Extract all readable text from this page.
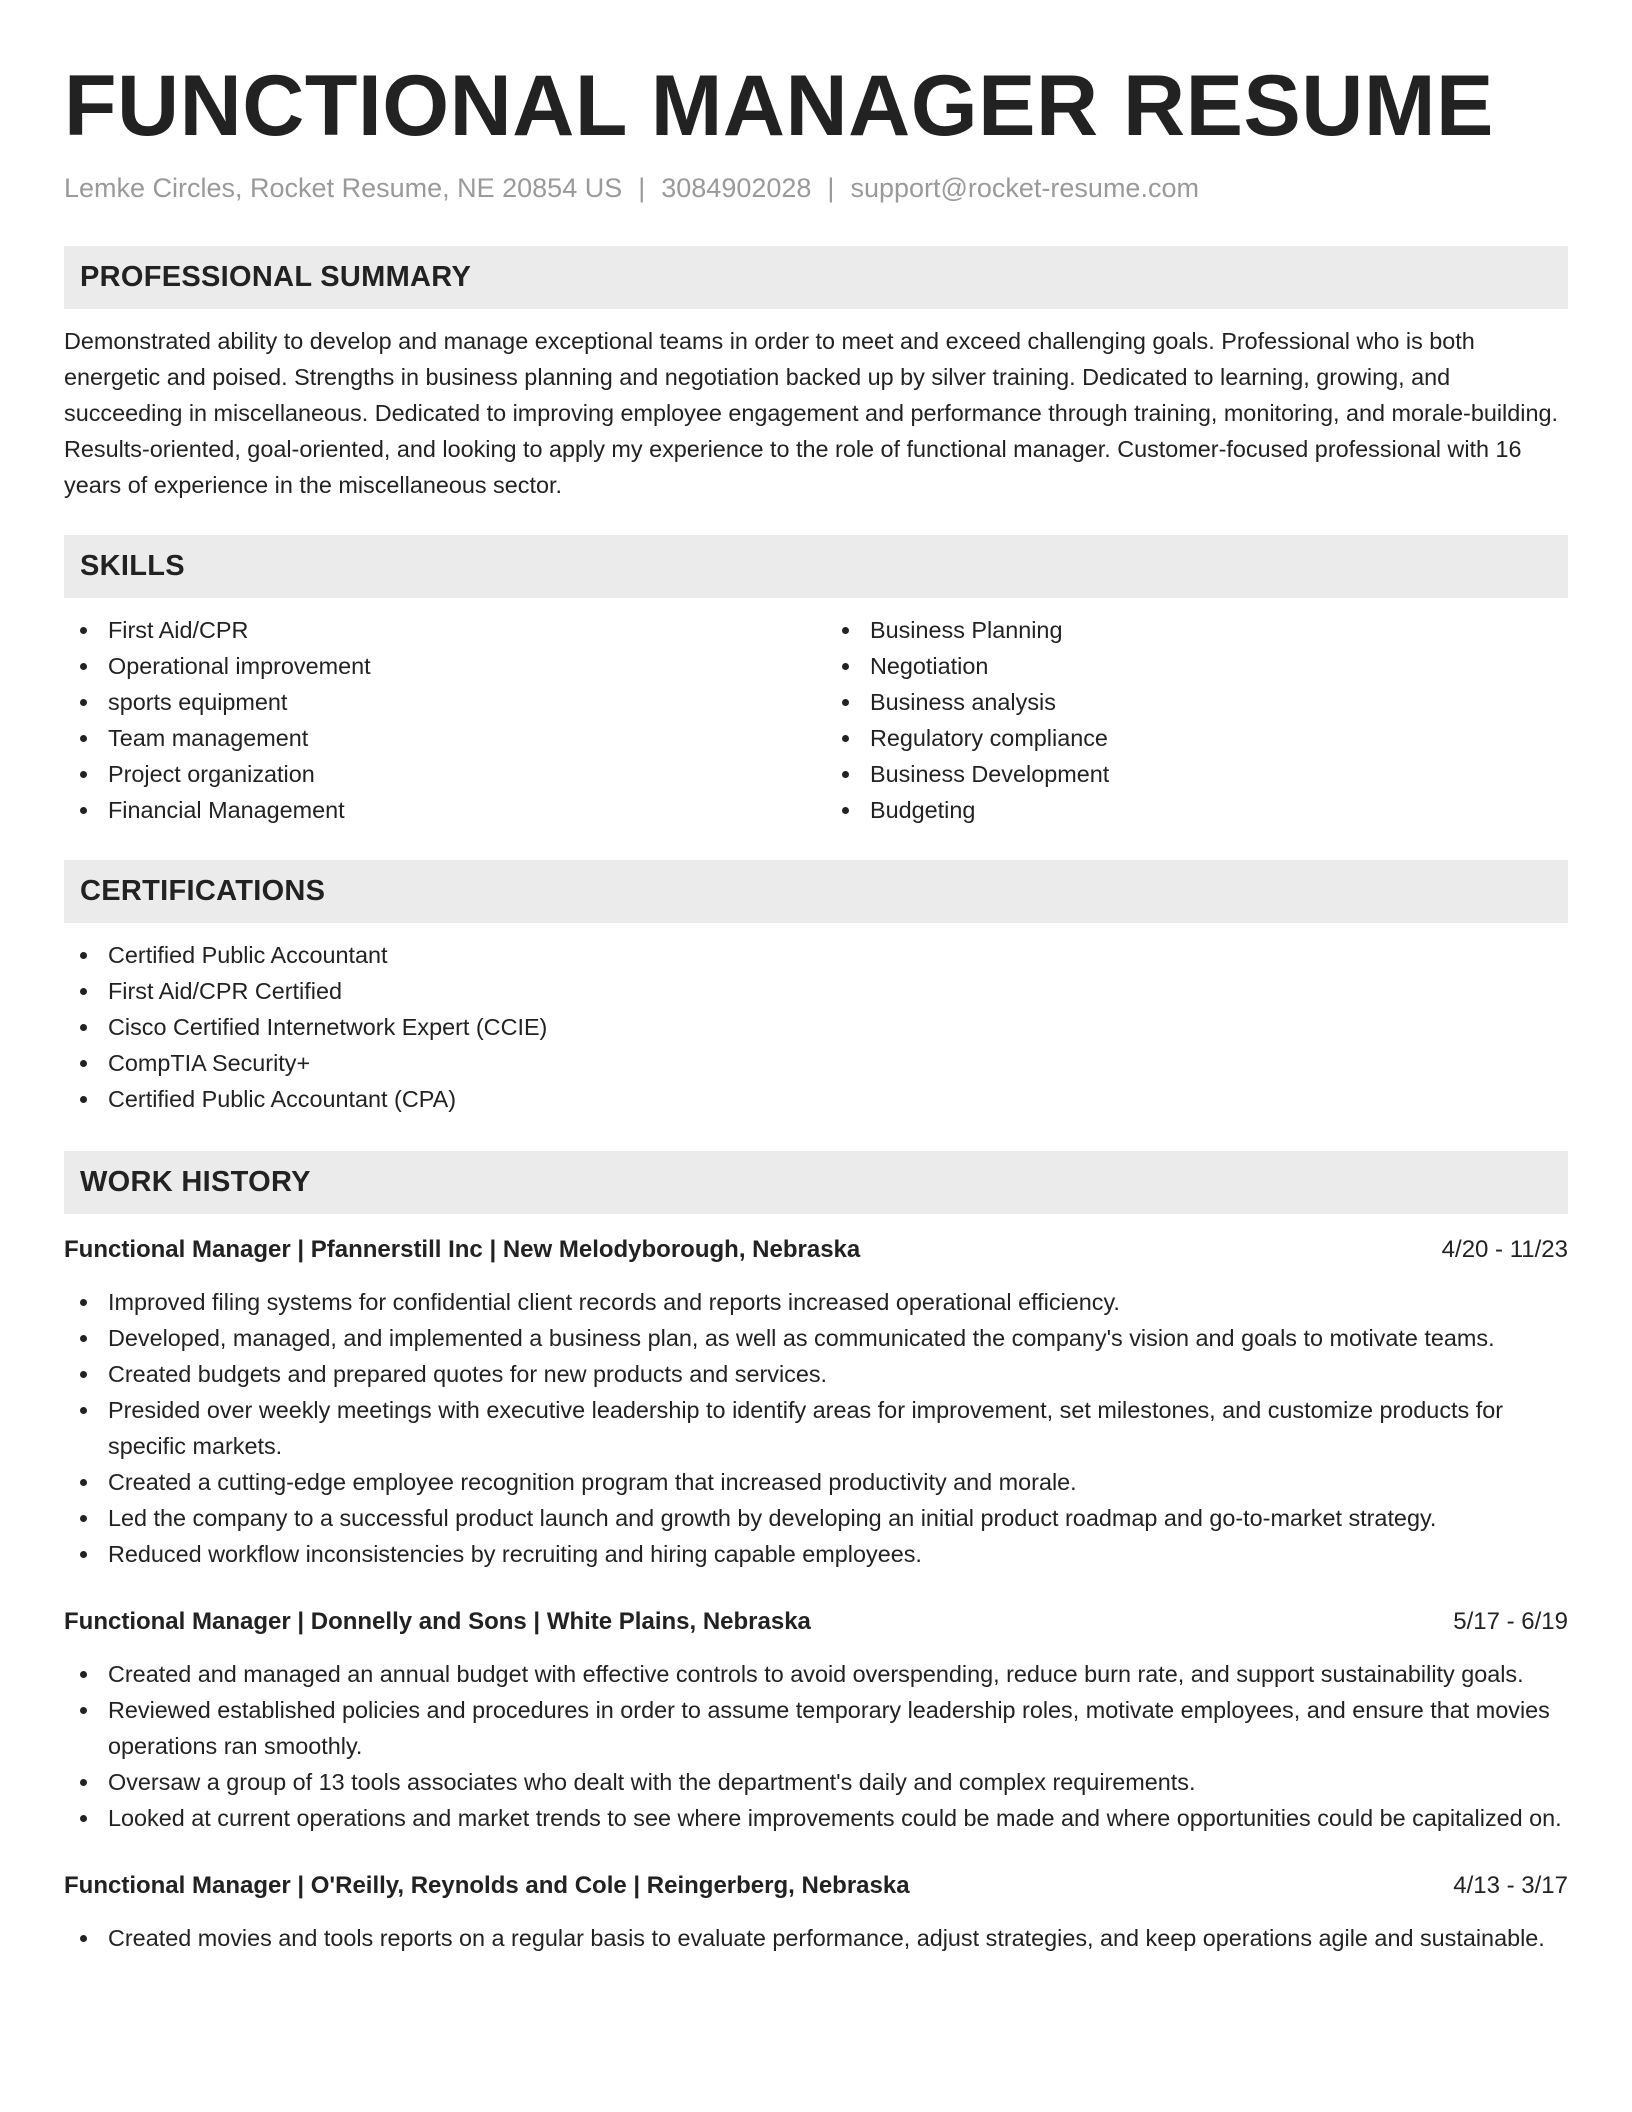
FUNCTIONAL MANAGER RESUME
Lemke Circles, Rocket Resume, NE 20854 US | 3084902028 | support@rocket-resume.com
PROFESSIONAL SUMMARY

Demonstrated ability to develop and manage exceptional teams in order to meet and exceed challenging goals. Professional who is both energetic and poised. Strengths in business planning and negotiation backed up by silver training. Dedicated to learning, growing, and succeeding in miscellaneous. Dedicated to improving employee engagement and performance through training, monitoring, and morale-building. Results-oriented, goal-oriented, and looking to apply my experience to the role of functional manager. Customer-focused professional with 16 years of experience in the miscellaneous sector.

SKILLS
First Aid/CPR
Operational improvement
sports equipment
Team management
Project organization
Financial Management
Business Planning
Negotiation
Business analysis
Regulatory compliance
Business Development
Budgeting
CERTIFICATIONS
Certified Public Accountant
First Aid/CPR Certified
Cisco Certified Internetwork Expert (CCIE)
CompTIA Security+
Certified Public Accountant (CPA)
WORK HISTORY
Functional Manager | Pfannerstill Inc | New Melodyborough, Nebraska	4/20 - 11/23
Improved filing systems for confidential client records and reports increased operational efficiency.
Developed, managed, and implemented a business plan, as well as communicated the company's vision and goals to motivate teams.
Created budgets and prepared quotes for new products and services.
Presided over weekly meetings with executive leadership to identify areas for improvement, set milestones, and customize products for specific markets.
Created a cutting-edge employee recognition program that increased productivity and morale.
Led the company to a successful product launch and growth by developing an initial product roadmap and go-to-market strategy.
Reduced workflow inconsistencies by recruiting and hiring capable employees.
Functional Manager | Donnelly and Sons | White Plains, Nebraska	5/17 - 6/19
Created and managed an annual budget with effective controls to avoid overspending, reduce burn rate, and support sustainability goals.
Reviewed established policies and procedures in order to assume temporary leadership roles, motivate employees, and ensure that movies operations ran smoothly.
Oversaw a group of 13 tools associates who dealt with the department's daily and complex requirements.
Looked at current operations and market trends to see where improvements could be made and where opportunities could be capitalized on.
Functional Manager | O'Reilly, Reynolds and Cole | Reingerberg, Nebraska	4/13 - 3/17
Created movies and tools reports on a regular basis to evaluate performance, adjust strategies, and keep operations agile and sustainable.
